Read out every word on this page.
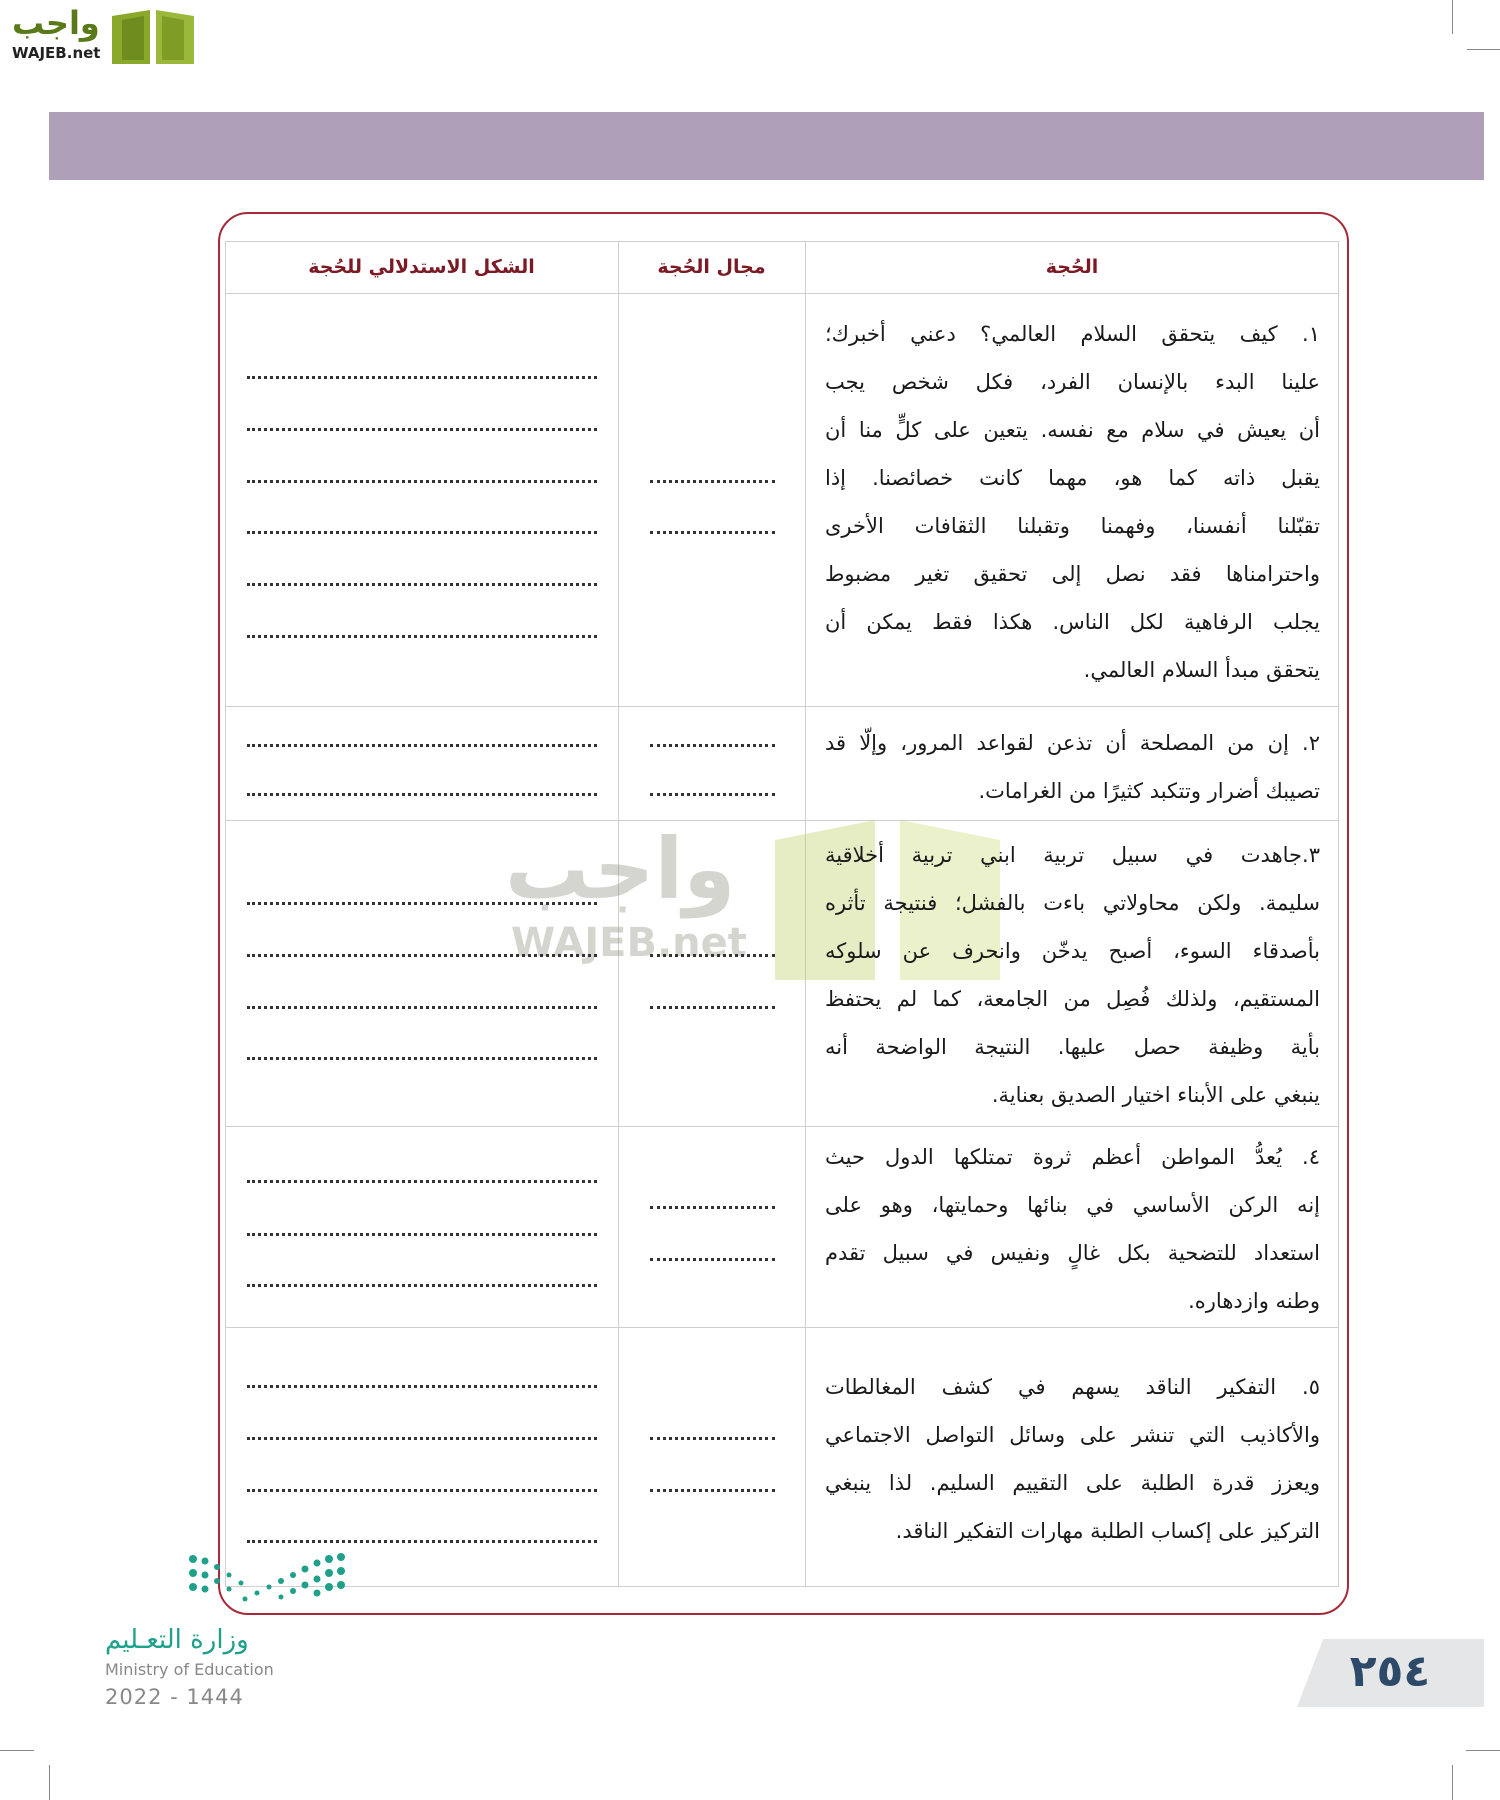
واجب
WAJEB.net
الحُجة
مجال الحُجة
الشكل الاستدلالي للحُجة
واجب
WAJEB.net
١. كيف يتحقق السلام العالمي؟ دعني أخبرك؛
علينا البدء بالإنسان الفرد، فكل شخص يجب
أن يعيش في سلام مع نفسه. يتعين على كلٍّ منا أن
يقبل ذاته كما هو، مهما كانت خصائصنا. إذا
تقبّلنا أنفسنا، وفهمنا وتقبلنا الثقافات الأخرى
واحترامناها فقد نصل إلى تحقيق تغير مضبوط
يجلب الرفاهية لكل الناس. هكذا فقط يمكن أن
يتحقق مبدأ السلام العالمي.
٢. إن من المصلحة أن تذعن لقواعد المرور، وإلّا قد
تصيبك أضرار وتتكبد كثيرًا من الغرامات.
٣.جاهدت في سبيل تربية ابني تربية أخلاقية
سليمة. ولكن محاولاتي باءت بالفشل؛ فنتيجة تأثره
بأصدقاء السوء، أصبح يدخّن وانحرف عن سلوكه
المستقيم، ولذلك فُصِل من الجامعة، كما لم يحتفظ
بأية وظيفة حصل عليها. النتيجة الواضحة أنه
ينبغي على الأبناء اختيار الصديق بعناية.
٤. يُعدُّ المواطن أعظم ثروة تمتلكها الدول حيث
إنه الركن الأساسي في بنائها وحمايتها، وهو على
استعداد للتضحية بكل غالٍ ونفيس في سبيل تقدم
وطنه وازدهاره.
٥. التفكير الناقد يسهم في كشف المغالطات
والأكاذيب التي تنشر على وسائل التواصل الاجتماعي
ويعزز قدرة الطلبة على التقييم السليم. لذا ينبغي
التركيز على إكساب الطلبة مهارات التفكير الناقد.
وزارة التعـليم
Ministry of Education
2022 - 1444	٢٥٤
